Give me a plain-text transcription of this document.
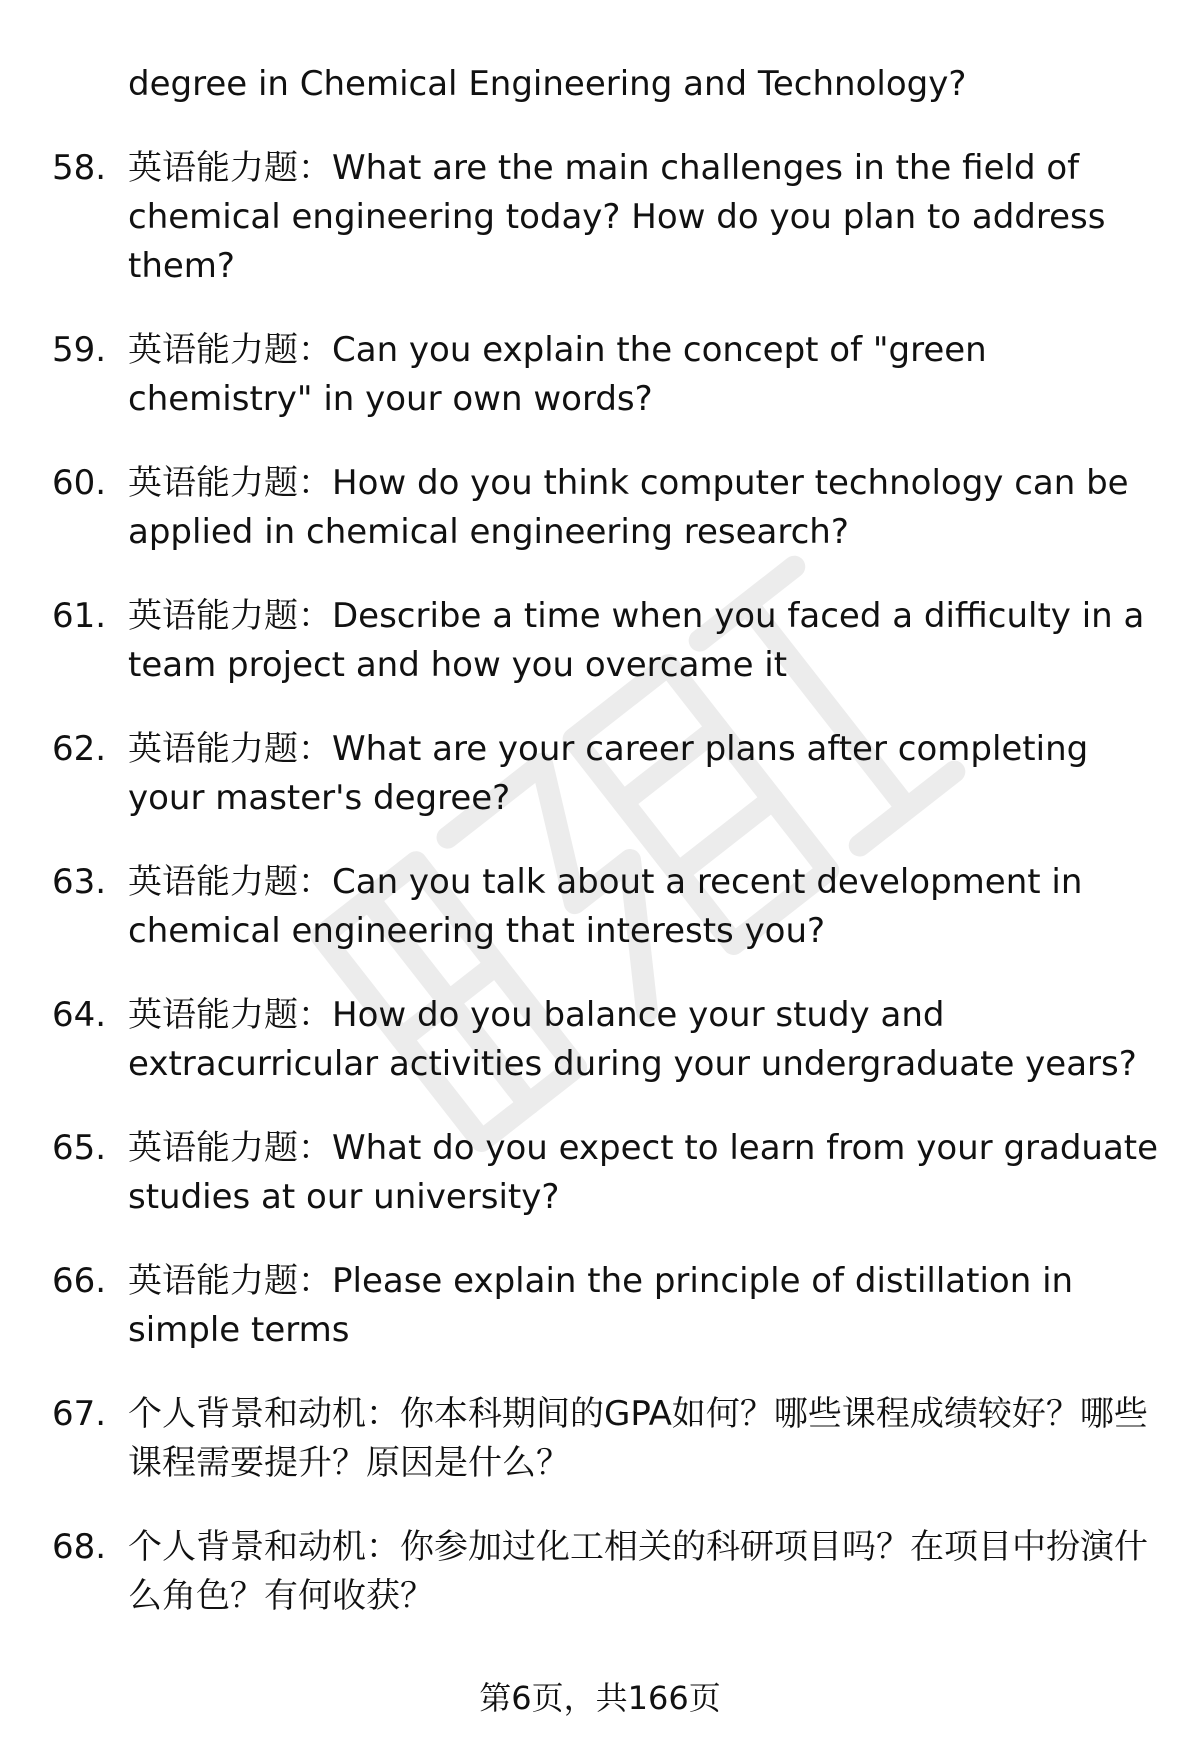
degree in Chemical Engineering and Technology?
58. 英语能力题：What are the main challenges in the field of chemical engineering today? How do you plan to address them?
59. 英语能力题：Can you explain the concept of "green chemistry" in your own words?
60. 英语能力题：How do you think computer technology can be applied in chemical engineering research?
61. 英语能力题：Describe a time when you faced a difficulty in a team project and how you overcame it
62. 英语能力题：What are your career plans after completing your master's degree?
63. 英语能力题：Can you talk about a recent development in chemical engineering that interests you?
64. 英语能力题：How do you balance your study and extracurricular activities during your undergraduate years?
65. 英语能力题：What do you expect to learn from your graduate studies at our university?
66. 英语能力题：Please explain the principle of distillation in simple terms
67. 个人背景和动机：你本科期间的GPA如何？哪些课程成绩较好？哪些课程需要提升？原因是什么？
68. 个人背景和动机：你参加过化工相关的科研项目吗？在项目中扮演什么角色？有何收获？
第6页，共166页
